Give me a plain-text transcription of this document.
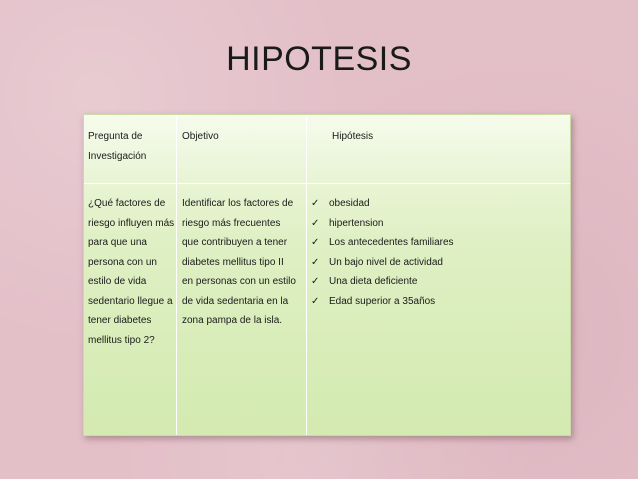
HIPOTESIS
Pregunta de
Investigación
Objetivo	Hipótesis
¿Qué factores de
riesgo influyen más
para que una
persona con un
estilo de vida
sedentario llegue a
tener diabetes
mellitus tipo 2?
Identificar los factores de
riesgo más frecuentes
que contribuyen a tener
diabetes mellitus tipo II
en personas con un estilo
de vida sedentaria en la
zona pampa de la isla.
✓ obesidad
✓ hipertension
✓ Los antecedentes familiares
✓ Un bajo nivel de actividad
✓ Una dieta deficiente
✓ Edad superior a 35años
